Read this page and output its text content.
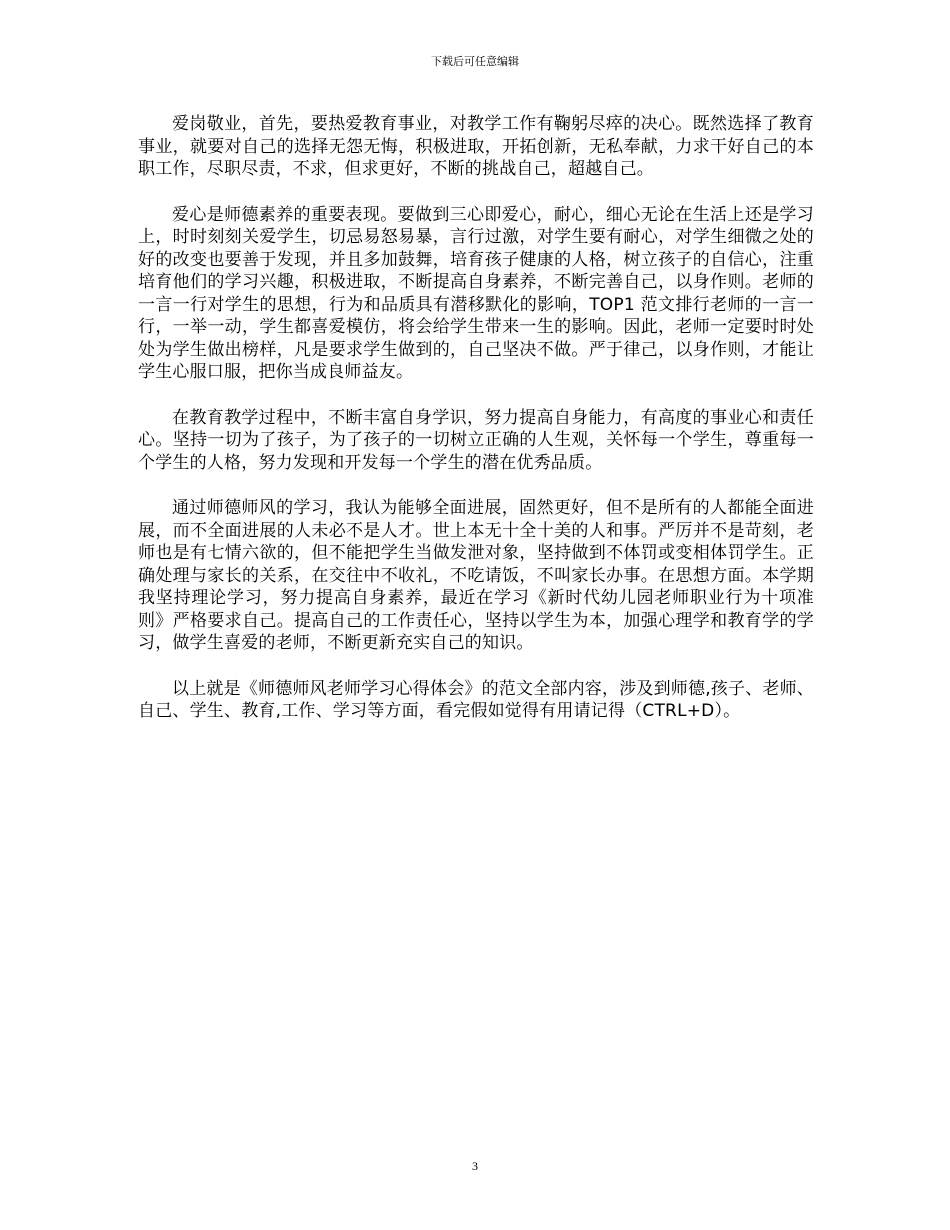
下载后可任意编辑

爱岗敬业，首先，要热爱教育事业，对教学工作有鞠躬尽瘁的决心。既然选择了教育事业，就要对自己的选择无怨无悔，积极进取，开拓创新，无私奉献，力求干好自己的本职工作，尽职尽责，不求，但求更好，不断的挑战自己，超越自己。

爱心是师德素养的重要表现。要做到三心即爱心，耐心，细心无论在生活上还是学习上，时时刻刻关爱学生，切忌易怒易暴，言行过激，对学生要有耐心，对学生细微之处的好的改变也要善于发现，并且多加鼓舞，培育孩子健康的人格，树立孩子的自信心，注重培育他们的学习兴趣，积极进取，不断提高自身素养，不断完善自己，以身作则。老师的一言一行对学生的思想，行为和品质具有潜移默化的影响，TOP1 范文排行老师的一言一行，一举一动，学生都喜爱模仿，将会给学生带来一生的影响。因此，老师一定要时时处处为学生做出榜样，凡是要求学生做到的，自己坚决不做。严于律己，以身作则，才能让学生心服口服，把你当成良师益友。

在教育教学过程中，不断丰富自身学识，努力提高自身能力，有高度的事业心和责任心。坚持一切为了孩子，为了孩子的一切树立正确的人生观，关怀每一个学生，尊重每一个学生的人格，努力发现和开发每一个学生的潜在优秀品质。

通过师德师风的学习，我认为能够全面进展，固然更好，但不是所有的人都能全面进展，而不全面进展的人未必不是人才。世上本无十全十美的人和事。严厉并不是苛刻，老师也是有七情六欲的，但不能把学生当做发泄对象，坚持做到不体罚或变相体罚学生。正确处理与家长的关系，在交往中不收礼，不吃请饭，不叫家长办事。在思想方面。本学期我坚持理论学习，努力提高自身素养，最近在学习《新时代幼儿园老师职业行为十项准则》严格要求自己。提高自己的工作责任心，坚持以学生为本，加强心理学和教育学的学习，做学生喜爱的老师，不断更新充实自己的知识。

以上就是《师德师风老师学习心得体会》的范文全部内容，涉及到师德,孩子、老师、自己、学生、教育,工作、学习等方面，看完假如觉得有用请记得（CTRL+D）。

3
